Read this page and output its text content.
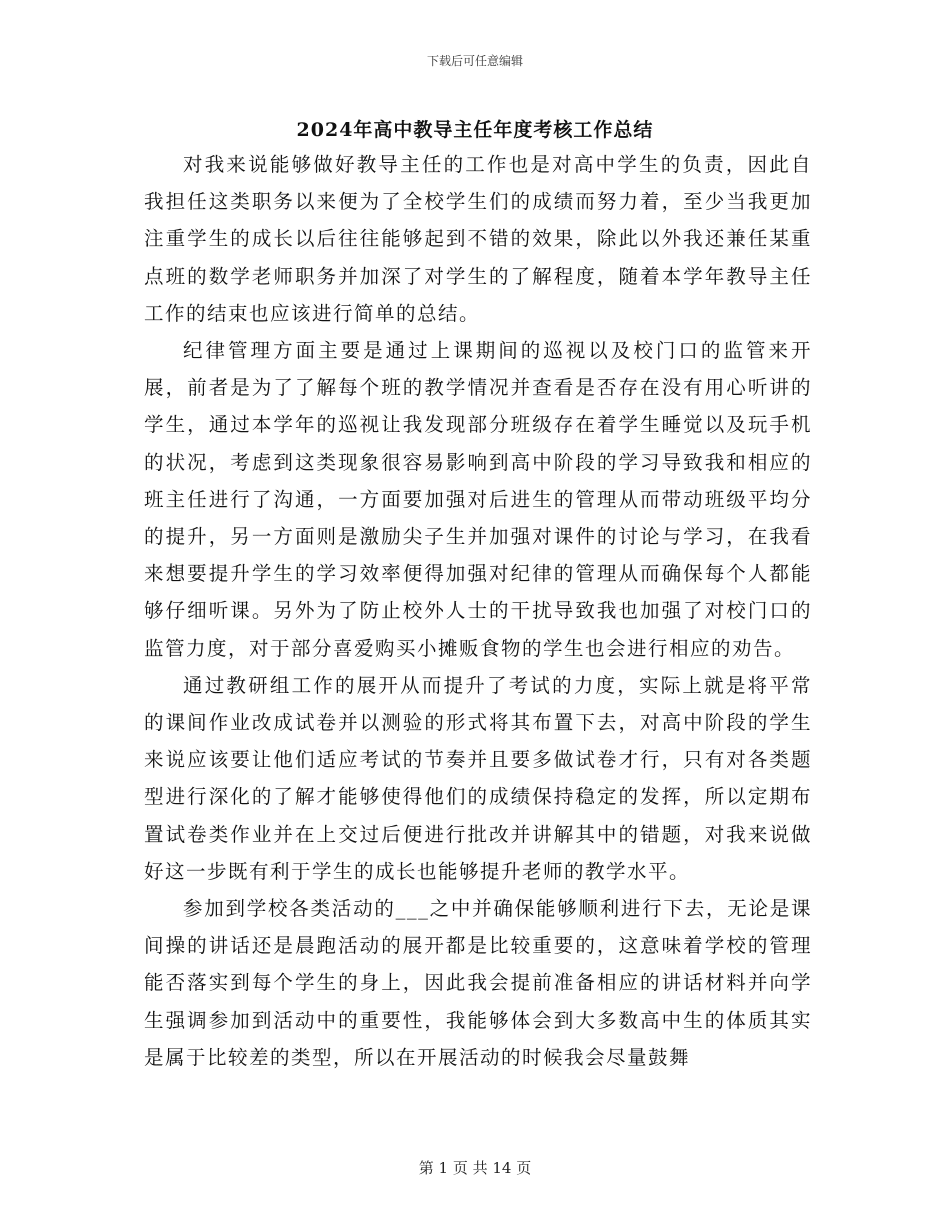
下载后可任意编辑
2024年高中教导主任年度考核工作总结

对我来说能够做好教导主任的工作也是对高中学生的负责，因此自我担任这类职务以来便为了全校学生们的成绩而努力着，至少当我更加注重学生的成长以后往往能够起到不错的效果，除此以外我还兼任某重点班的数学老师职务并加深了对学生的了解程度，随着本学年教导主任工作的结束也应该进行简单的总结。

纪律管理方面主要是通过上课期间的巡视以及校门口的监管来开展，前者是为了了解每个班的教学情况并查看是否存在没有用心听讲的学生，通过本学年的巡视让我发现部分班级存在着学生睡觉以及玩手机的状况，考虑到这类现象很容易影响到高中阶段的学习导致我和相应的班主任进行了沟通，一方面要加强对后进生的管理从而带动班级平均分的提升，另一方面则是激励尖子生并加强对课件的讨论与学习，在我看来想要提升学生的学习效率便得加强对纪律的管理从而确保每个人都能够仔细听课。另外为了防止校外人士的干扰导致我也加强了对校门口的监管力度，对于部分喜爱购买小摊贩食物的学生也会进行相应的劝告。

通过教研组工作的展开从而提升了考试的力度，实际上就是将平常的课间作业改成试卷并以测验的形式将其布置下去，对高中阶段的学生来说应该要让他们适应考试的节奏并且要多做试卷才行，只有对各类题型进行深化的了解才能够使得他们的成绩保持稳定的发挥，所以定期布置试卷类作业并在上交过后便进行批改并讲解其中的错题，对我来说做好这一步既有利于学生的成长也能够提升老师的教学水平。

参加到学校各类活动的___之中并确保能够顺利进行下去，无论是课间操的讲话还是晨跑活动的展开都是比较重要的，这意味着学校的管理能否落实到每个学生的身上，因此我会提前准备相应的讲话材料并向学生强调参加到活动中的重要性，我能够体会到大多数高中生的体质其实是属于比较差的类型，所以在开展活动的时候我会尽量鼓舞

第 1 页 共 14 页
